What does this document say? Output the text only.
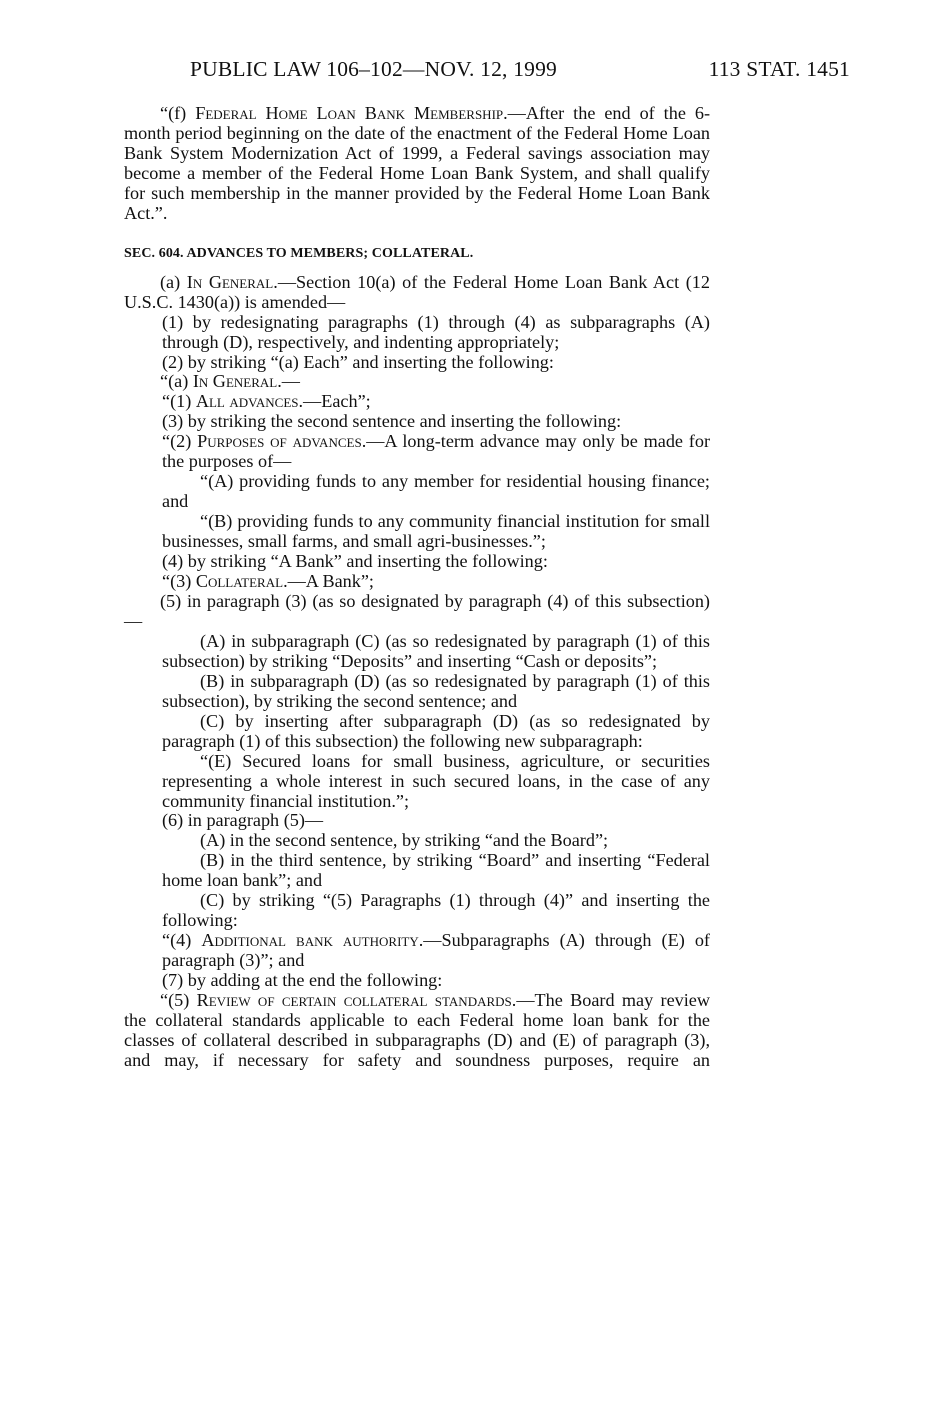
PUBLIC LAW 106–102—NOV. 12, 1999	113 STAT. 1451

“(f) Federal Home Loan Bank Membership.—After the end of the 6-month period beginning on the date of the enactment of the Federal Home Loan Bank System Modernization Act of 1999, a Federal savings association may become a member of the Federal Home Loan Bank System, and shall qualify for such membership in the manner provided by the Federal Home Loan Bank Act.”.

SEC. 604. ADVANCES TO MEMBERS; COLLATERAL.

(a) In General.—Section 10(a) of the Federal Home Loan Bank Act (12 U.S.C. 1430(a)) is amended—

(1) by redesignating paragraphs (1) through (4) as subparagraphs (A) through (D), respectively, and indenting appropriately;

(2) by striking “(a) Each” and inserting the following:

“(a) In General.—

“(1) All advances.—Each”;

(3) by striking the second sentence and inserting the following:

“(2) Purposes of advances.—A long-term advance may only be made for the purposes of—

“(A) providing funds to any member for residential housing finance; and

“(B) providing funds to any community financial institution for small businesses, small farms, and small agri-businesses.”;

(4) by striking “A Bank” and inserting the following:

“(3) Collateral.—A Bank”;

(5) in paragraph (3) (as so designated by paragraph (4) of this subsection)—

(A) in subparagraph (C) (as so redesignated by paragraph (1) of this subsection) by striking “Deposits” and inserting “Cash or deposits”;

(B) in subparagraph (D) (as so redesignated by paragraph (1) of this subsection), by striking the second sentence; and

(C) by inserting after subparagraph (D) (as so redesignated by paragraph (1) of this subsection) the following new subparagraph:

“(E) Secured loans for small business, agriculture, or securities representing a whole interest in such secured loans, in the case of any community financial institution.”;

(6) in paragraph (5)—

(A) in the second sentence, by striking “and the Board”;

(B) in the third sentence, by striking “Board” and inserting “Federal home loan bank”; and

(C) by striking “(5) Paragraphs (1) through (4)” and inserting the following:

“(4) Additional bank authority.—Subparagraphs (A) through (E) of paragraph (3)”; and

(7) by adding at the end the following:

“(5) Review of certain collateral standards.—The Board may review the collateral standards applicable to each Federal home loan bank for the classes of collateral described in subparagraphs (D) and (E) of paragraph (3), and may, if necessary for safety and soundness purposes, require an
